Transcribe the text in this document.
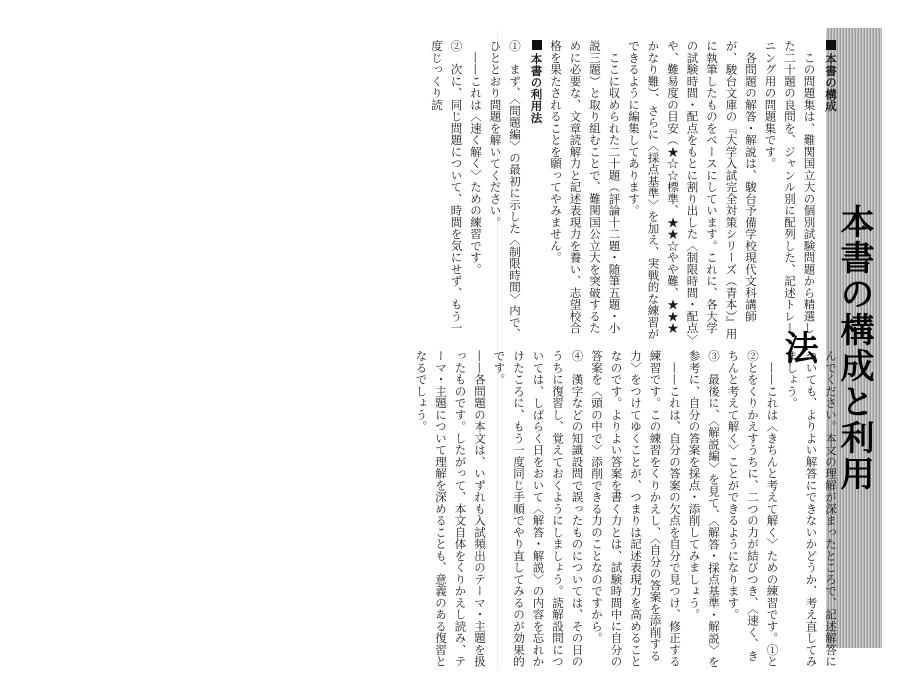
本書の構成と利用法

本書の構成

　この問題集は、難関国立大の個別試験問題から精選した二十題の良問を、ジャンル別に配列した、記述トレーニング用の問題集です。

　各問題の解答・解説は、駿台予備学校現代文科講師が、駿台文庫の『大学入試完全対策シリーズ（青本）』用に執筆したものをベースにしています。これに、各大学の試験時間・配点をもとに割り出した〈制限時間・配点〉や、難易度の目安（★☆☆標準、★★☆やや難、★★★かなり難）、さらに〈採点基準〉を加え、実戦的な練習ができるように編集してあります。

　ここに収められた二十題（評論十二題・随筆五題・小説三題）と取り組むことで、難関国公立大を突破するために必要な、文章読解力と記述表現力を養い、志望校合格を果たされることを願ってやみません。

本書の利用法

①　まず、〈問題編〉の最初に示した〈制限時間〉内で、ひととおり問題を解いてください。

　——これは〈速く解く〉ための練習です。

②　次に、同じ問題について、時間を気にせず、もう一度じっくり読

んでください。本文の理解が深まったところで、記述解答についても、よりよい解答にできないかどうか、考え直してみましょう。

　——これは〈きちんと考えて解く〉ための練習です。①と②とをくりかえすうちに、二つの力が結びつき、〈速く、きちんと考えて解く〉ことができるようになります。

③　最後に、〈解説編〉を見て、〈解答・採点基準・解説〉を参考に、自分の答案を採点・添削してみましょう。

　——これは、自分の答案の欠点を自分で見つけ、修正する練習です。この練習をくりかえし、〈自分の答案を添削する力〉をつけてゆくことが、つまりは記述表現力を高めることなのです。よりよい答案を書く力とは、試験時間中に自分の答案を〈頭の中で〉添削できる力のことなのですから。

④　漢字などの知識設問で誤ったものについては、その日のうちに復習し、覚えておくようにしましょう。読解設問については、しばらく日をおいて〈解答・解説〉の内容を忘れかけたころに、もう一度同じ手順でやり直してみるのが効果的です。

——各問題の本文は、いずれも入試頻出のテーマ・主題を扱ったものです。したがって、本文自体をくりかえし読み、テーマ・主題について理解を深めることも、意義のある復習となるでしょう。
